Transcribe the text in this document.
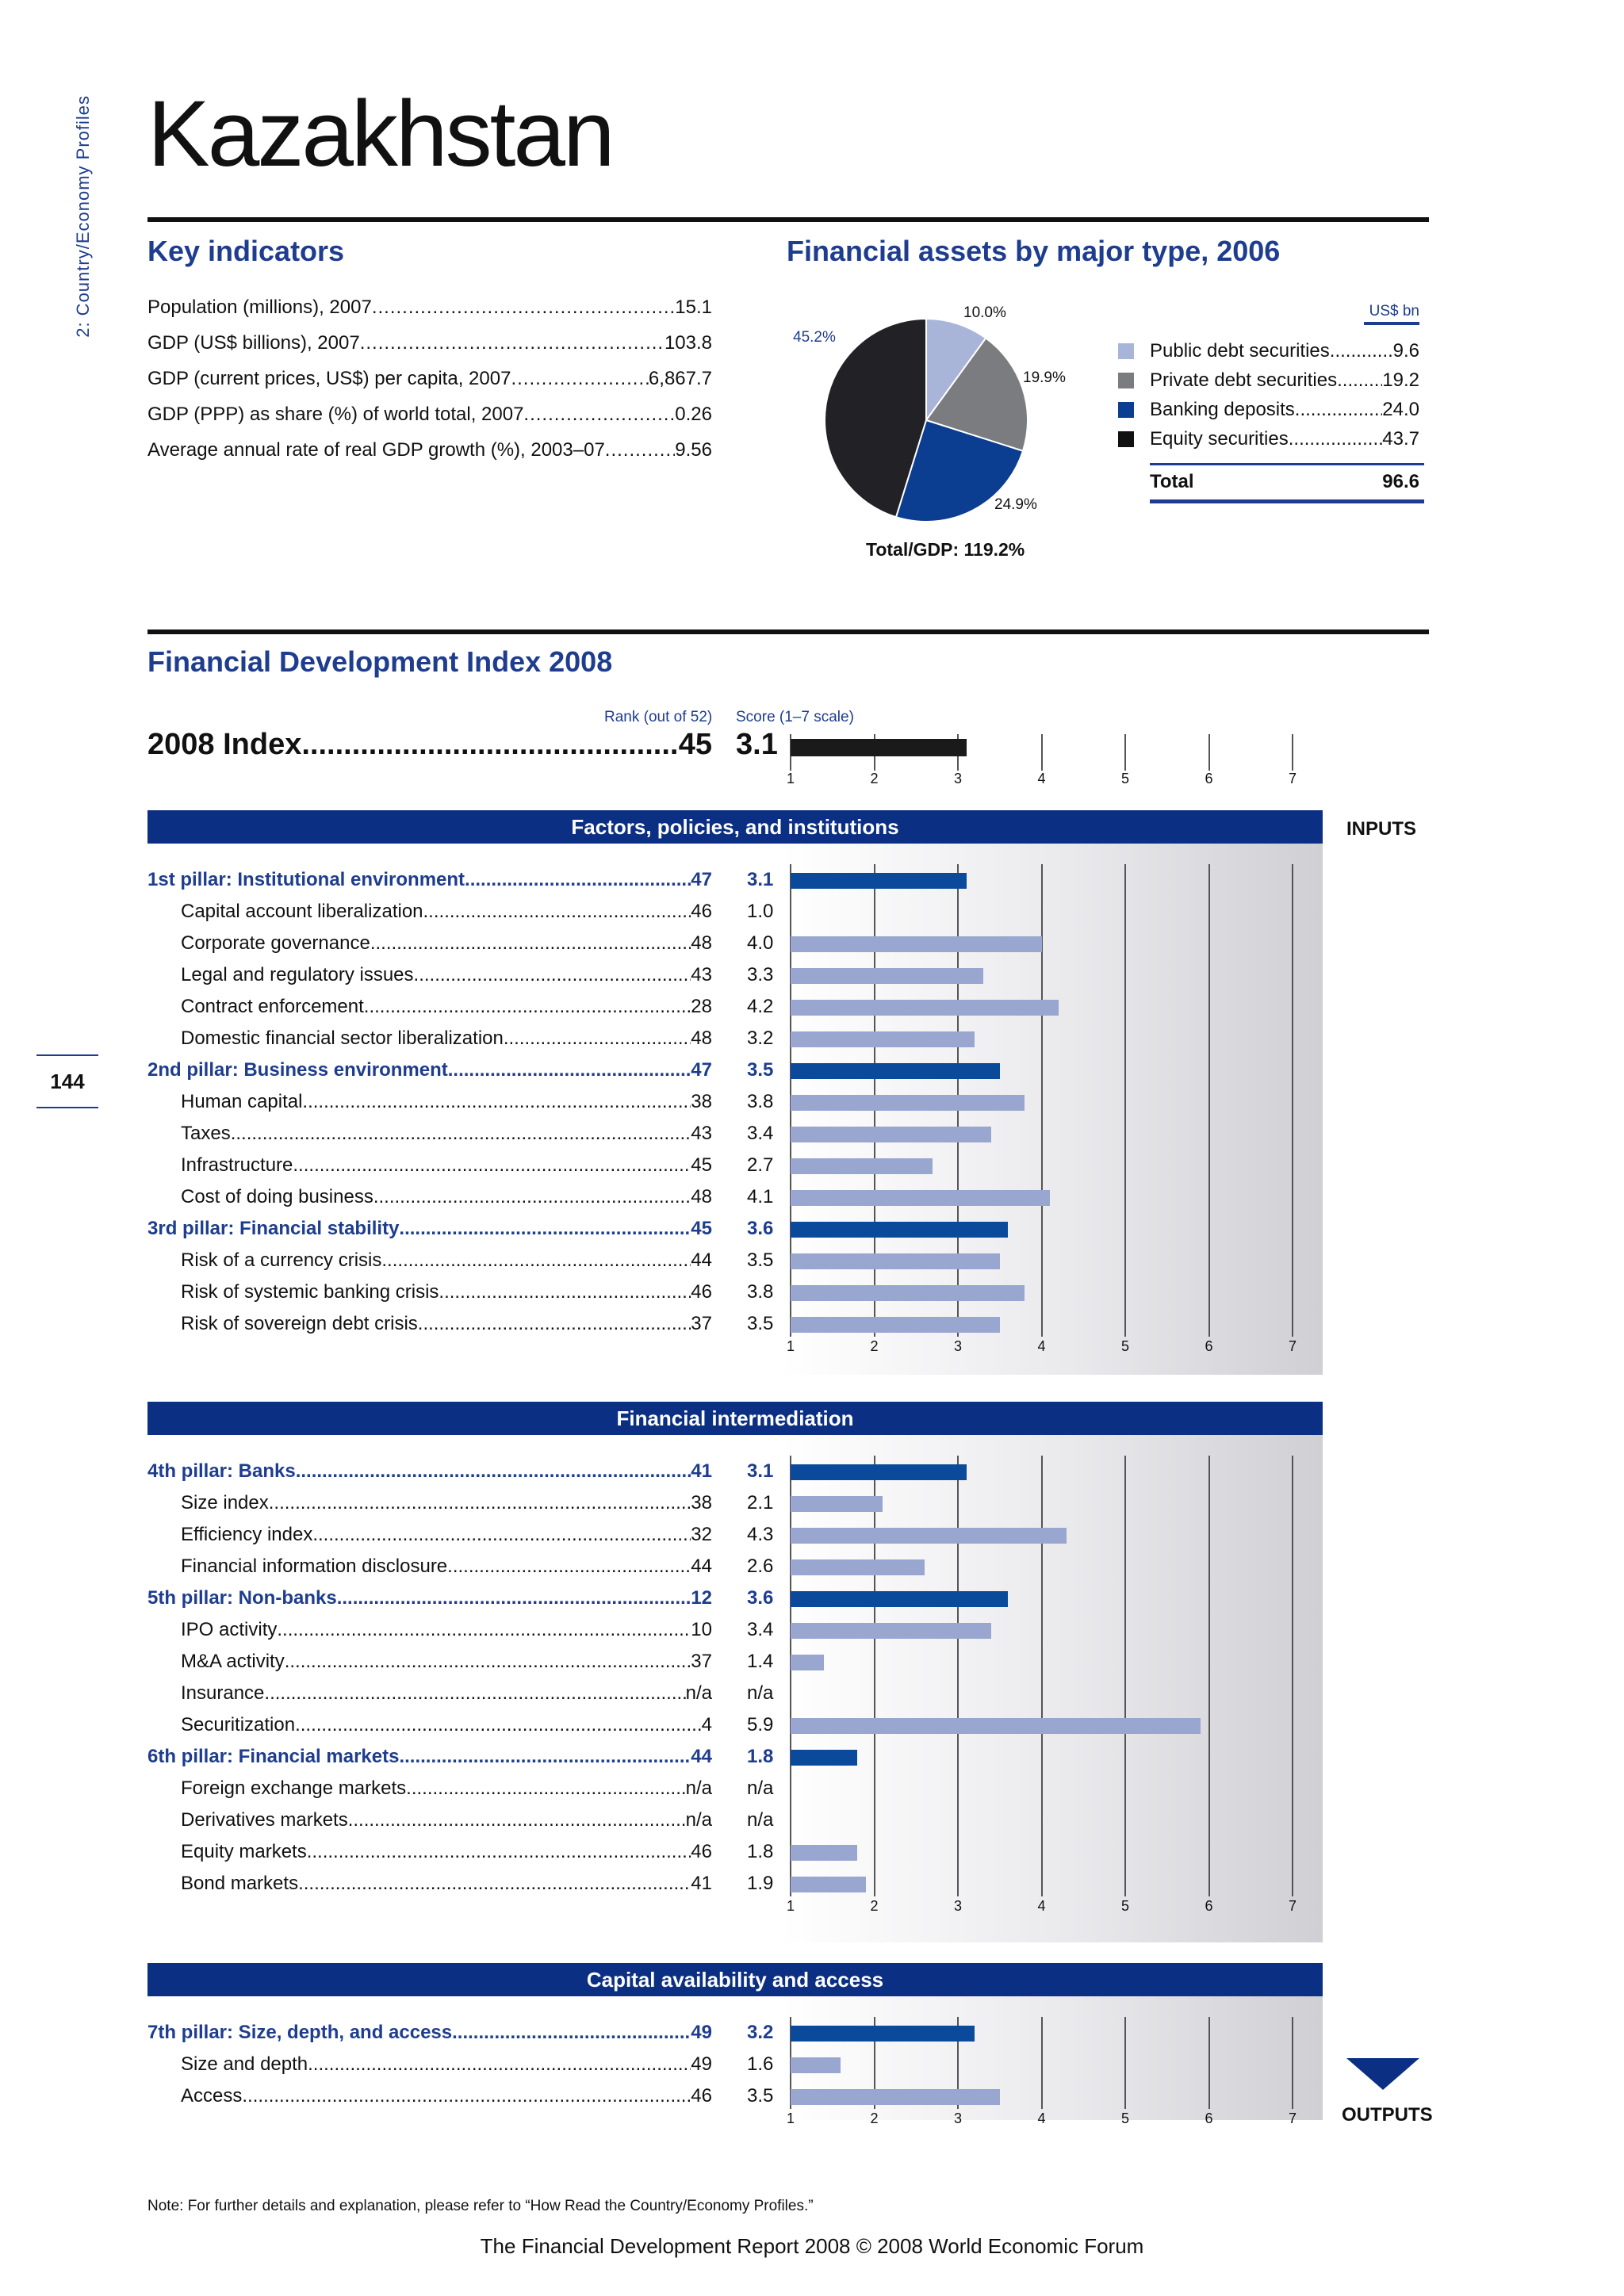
2: Country/Economy Profiles
144
Kazakhstan
Key indicators
Population (millions), 2007 .....	15.1
GDP (US$ billions), 2007 .....	103.8
GDP (current prices, US$) per capita, 2007 .....	6,867.7
GDP (PPP) as share (%) of world total, 2007 .....	0.26
Average annual rate of real GDP growth (%), 2003–07 .....	9.56
Financial assets by major type, 2006
45.2%
10.0%
19.9%
24.9%
Total/GDP: 119.2%
US$ bn
Public debt securities .....	9.6
Private debt securities ..... 19.2
Banking deposits .....	24.0
Equity securities .....	43.7
Total	96.6
Financial Development Index 2008
Rank (out of 52) Score (1–7 scale)
2008 Index .....	45 3.1
1	2	3	4	5	6	7
Factors, policies, and institutions
Financial intermediation
Capital availability and access
INPUTS
OUTPUTS
1	2	3	4	5	6	7
1st pillar: Institutional environment .....	47 3.1
Capital account liberalization .....	46 1.0
Corporate governance .....	48 4.0
Legal and regulatory issues .....	43 3.3
Contract enforcement .....	28 4.2
Domestic financial sector liberalization .....	48 3.2
2nd pillar: Business environment .....	47 3.5
Human capital .....	38 3.8
Taxes .....	43 3.4
Infrastructure .....	45 2.7
Cost of doing business .....	48 4.1
3rd pillar: Financial stability .....	45 3.6
Risk of a currency crisis .....	44 3.5
Risk of systemic banking crisis .....	46 3.8
Risk of sovereign debt crisis .....	37 3.5
1	2	3	4	5	6	7
4th pillar: Banks .....	41 3.1
Size index .....	38 2.1
Efficiency index .....	32 4.3
Financial information disclosure .....	44 2.6
5th pillar: Non-banks .....	12 3.6
IPO activity .....	10 3.4
M&A activity .....	37 1.4
Insurance .....	n/a n/a
Securitization .....	4 5.9
6th pillar: Financial markets .....	44 1.8
Foreign exchange markets .....	n/a n/a
Derivatives markets .....	n/a n/a
Equity markets .....	46 1.8
Bond markets .....	41 1.9
1	2	3	4	5	6	7
7th pillar: Size, depth, and access .....	49 3.2
Size and depth .....	49 1.6
Access .....	46 3.5
Note: For further details and explanation, please refer to “How Read the Country/Economy Profiles.”
The Financial Development Report 2008 © 2008 World Economic Forum
